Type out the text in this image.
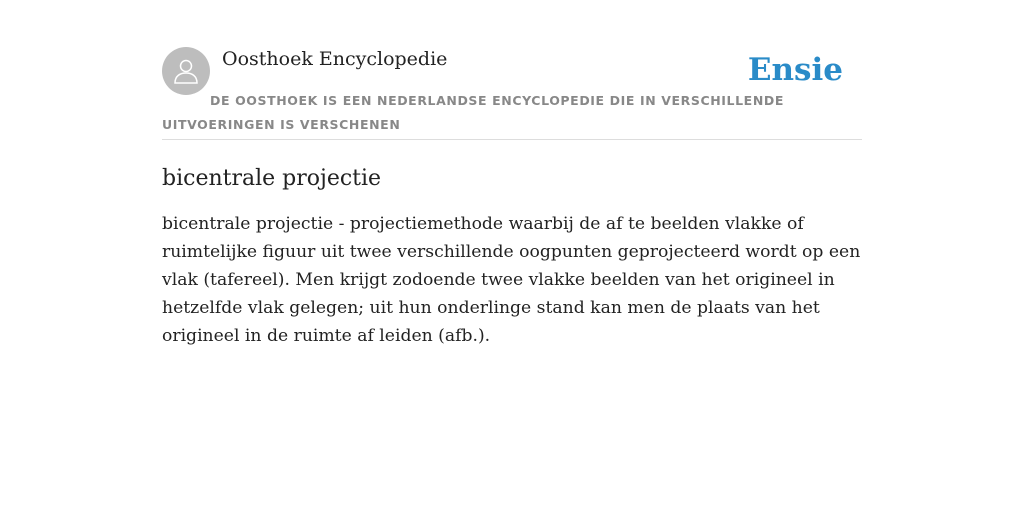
Oosthoek Encyclopedie	Ensie
DE OOSTHOEK IS EEN NEDERLANDSE ENCYCLOPEDIE DIE IN VERSCHILLENDE UITVOERINGEN IS VERSCHENEN
bicentrale projectie

bicentrale projectie - projectiemethode waarbij de af te beelden vlakke of ruimtelijke figuur uit twee verschillende oogpunten geprojecteerd wordt op een vlak (tafereel). Men krijgt zodoende twee vlakke beelden van het origineel in hetzelfde vlak gelegen; uit hun onderlinge stand kan men de plaats van het origineel in de ruimte af leiden (afb.).
